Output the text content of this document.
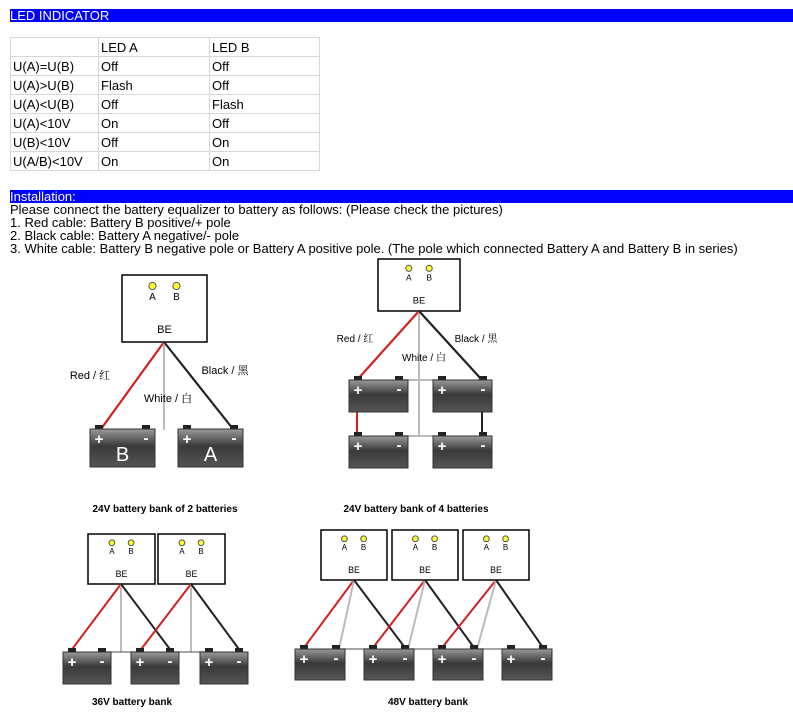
LED INDICATOR
	LED A	LED B
U(A)=U(B)	Off	Off
U(A)>U(B)	Flash	Off
U(A)<U(B)	Off	Flash
U(A)<10V	On	Off
U(B)<10V	Off	On
U(A/B)<10V	On	On
Installation:
Please connect the battery equalizer to battery as follows: (Please check the pictures)
1. Red cable: Battery B positive/+ pole
2. Black cable: Battery A negative/- pole
3. White cable: Battery B negative pole or Battery A positive pole. (The pole which connected Battery A and Battery B in series)
A B
BE
+	-
B
+	-
A
Red / 红
White / 白
Black / 黑
24V battery bank of 2 batteries
A B
BE
+ - + -
+ - + -
Red / 红
White / 白
Black / 黑
24V battery bank of 4 batteries
A B
BE
A B
BE
+ - + - + -
36V battery bank
A B
BE
A B
BE
A B
BE
+ - + - + - + -
48V battery bank
